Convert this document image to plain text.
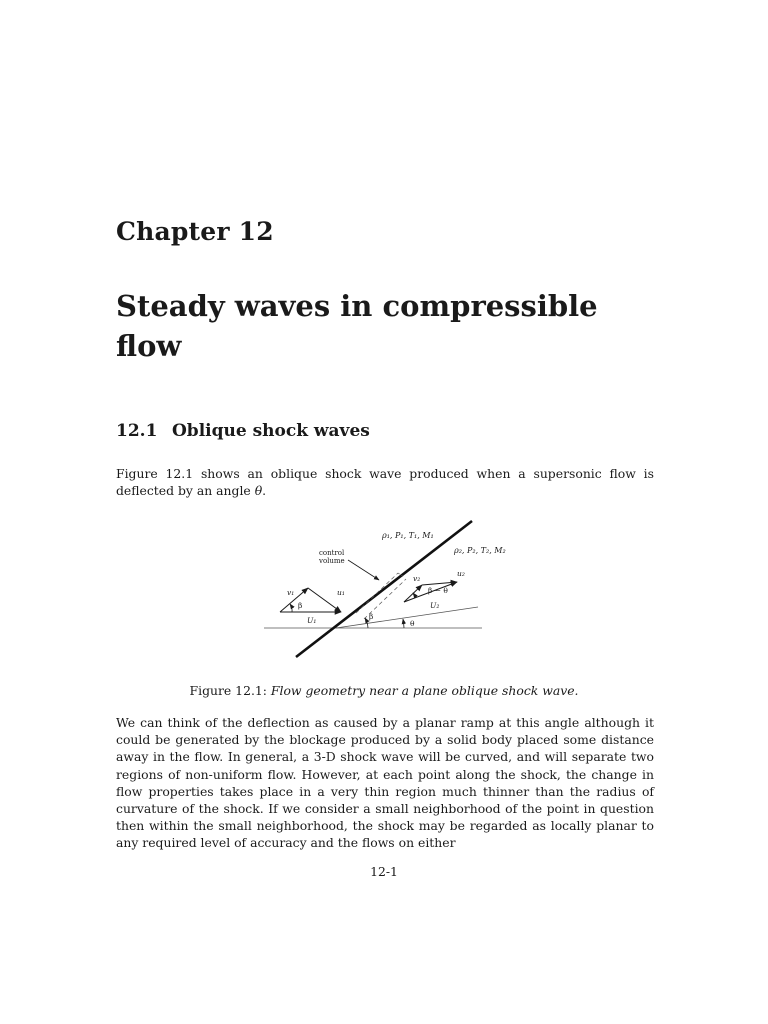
Chapter 12
Steady waves in compressible flow
12.1 Oblique shock waves
Figure 12.1 shows an oblique shock wave produced when a supersonic flow is deflected by an angle θ.
ρ₁, P₁, T₁, M₁
ρ₂, P₂, T₂, M₂
control
volume
v₁	u₁
U₁
β
β
v₂
u₂
β − θ
U₂
θ
Figure 12.1: Flow geometry near a plane oblique shock wave.
We can think of the deflection as caused by a planar ramp at this angle although it could be generated by the blockage produced by a solid body placed some distance away in the flow. In general, a 3-D shock wave will be curved, and will separate two regions of non-uniform flow. However, at each point along the shock, the change in flow properties takes place in a very thin region much thinner than the radius of curvature of the shock. If we consider a small neighborhood of the point in question then within the small neighborhood, the shock may be regarded as locally planar to any required level of accuracy and the flows on either
12-1
